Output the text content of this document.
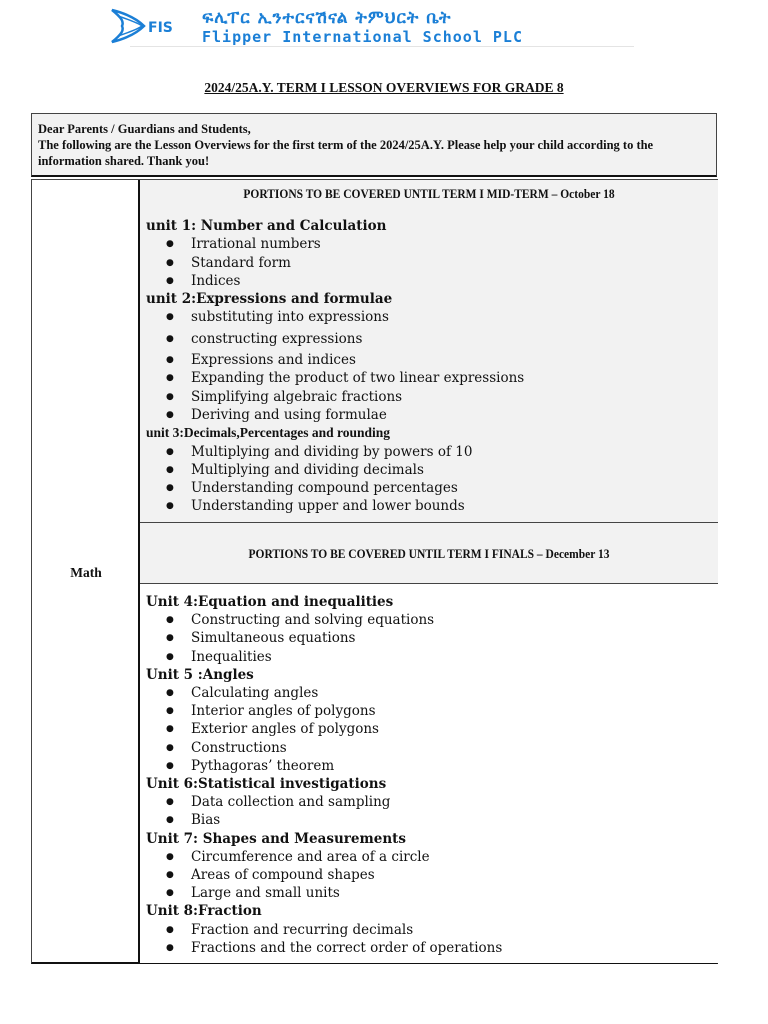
FIS ፍሊፐር ኢንተርናሽናል ትምህርት ቤት
Flipper International School PLC
2024/25A.Y. TERM I LESSON OVERVIEWS FOR GRADE 8
Dear Parents / Guardians and Students,
The following are the Lesson Overviews for the first term of the 2024/25A.Y. Please help your child according to the information shared. Thank you!
Math
PORTIONS TO BE COVERED UNTIL TERM I MID-TERM – October 18
unit 1: Number and Calculation
● Irrational numbers
● Standard form
● Indices
unit 2:Expressions and formulae
● substituting into expressions
● constructing expressions
● Expressions and indices
● Expanding the product of two linear expressions
● Simplifying algebraic fractions
● Deriving and using formulae
unit 3:Decimals,Percentages and rounding
● Multiplying and dividing by powers of 10
● Multiplying and dividing decimals
● Understanding compound percentages
● Understanding upper and lower bounds
PORTIONS TO BE COVERED UNTIL TERM I FINALS – December 13
Unit 4:Equation and inequalities
● Constructing and solving equations
● Simultaneous equations
● Inequalities
Unit 5 :Angles
● Calculating angles
● Interior angles of polygons
● Exterior angles of polygons
● Constructions
● Pythagoras’ theorem
Unit 6:Statistical investigations
● Data collection and sampling
● Bias
Unit 7: Shapes and Measurements
● Circumference and area of a circle
● Areas of compound shapes
● Large and small units
Unit 8:Fraction
● Fraction and recurring decimals
● Fractions and the correct order of operations
